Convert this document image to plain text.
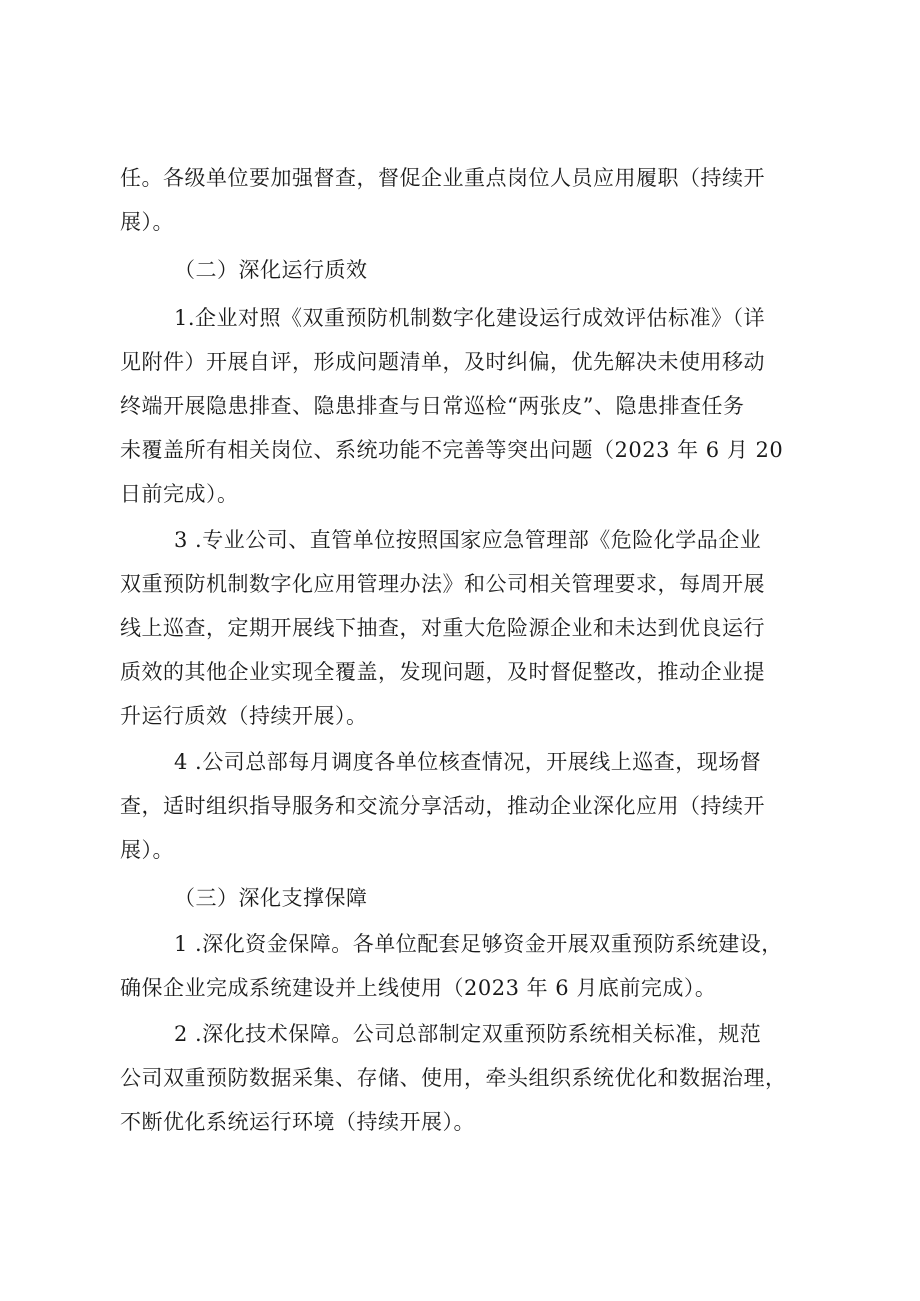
任。各级单位要加强督查，督促企业重点岗位人员应用履职（持续开
展）。
（二）深化运行质效
1.企业对照《双重预防机制数字化建设运行成效评估标准》（详
见附件）开展自评，形成问题清单，及时纠偏，优先解决未使用移动
终端开展隐患排查、隐患排查与日常巡检“两张皮”、隐患排查任务
未覆盖所有相关岗位、系统功能不完善等突出问题（2023 年 6 月 20
日前完成）。
3 .专业公司、直管单位按照国家应急管理部《危险化学品企业
双重预防机制数字化应用管理办法》和公司相关管理要求，每周开展
线上巡查，定期开展线下抽查，对重大危险源企业和未达到优良运行
质效的其他企业实现全覆盖，发现问题，及时督促整改，推动企业提
升运行质效（持续开展）。
4 .公司总部每月调度各单位核查情况，开展线上巡查，现场督
查，适时组织指导服务和交流分享活动，推动企业深化应用（持续开
展）。
（三）深化支撑保障
1 .深化资金保障。各单位配套足够资金开展双重预防系统建设，
确保企业完成系统建设并上线使用（2023 年 6 月底前完成）。
2 .深化技术保障。公司总部制定双重预防系统相关标准，规范
公司双重预防数据采集、存储、使用，牵头组织系统优化和数据治理，
不断优化系统运行环境（持续开展）。
